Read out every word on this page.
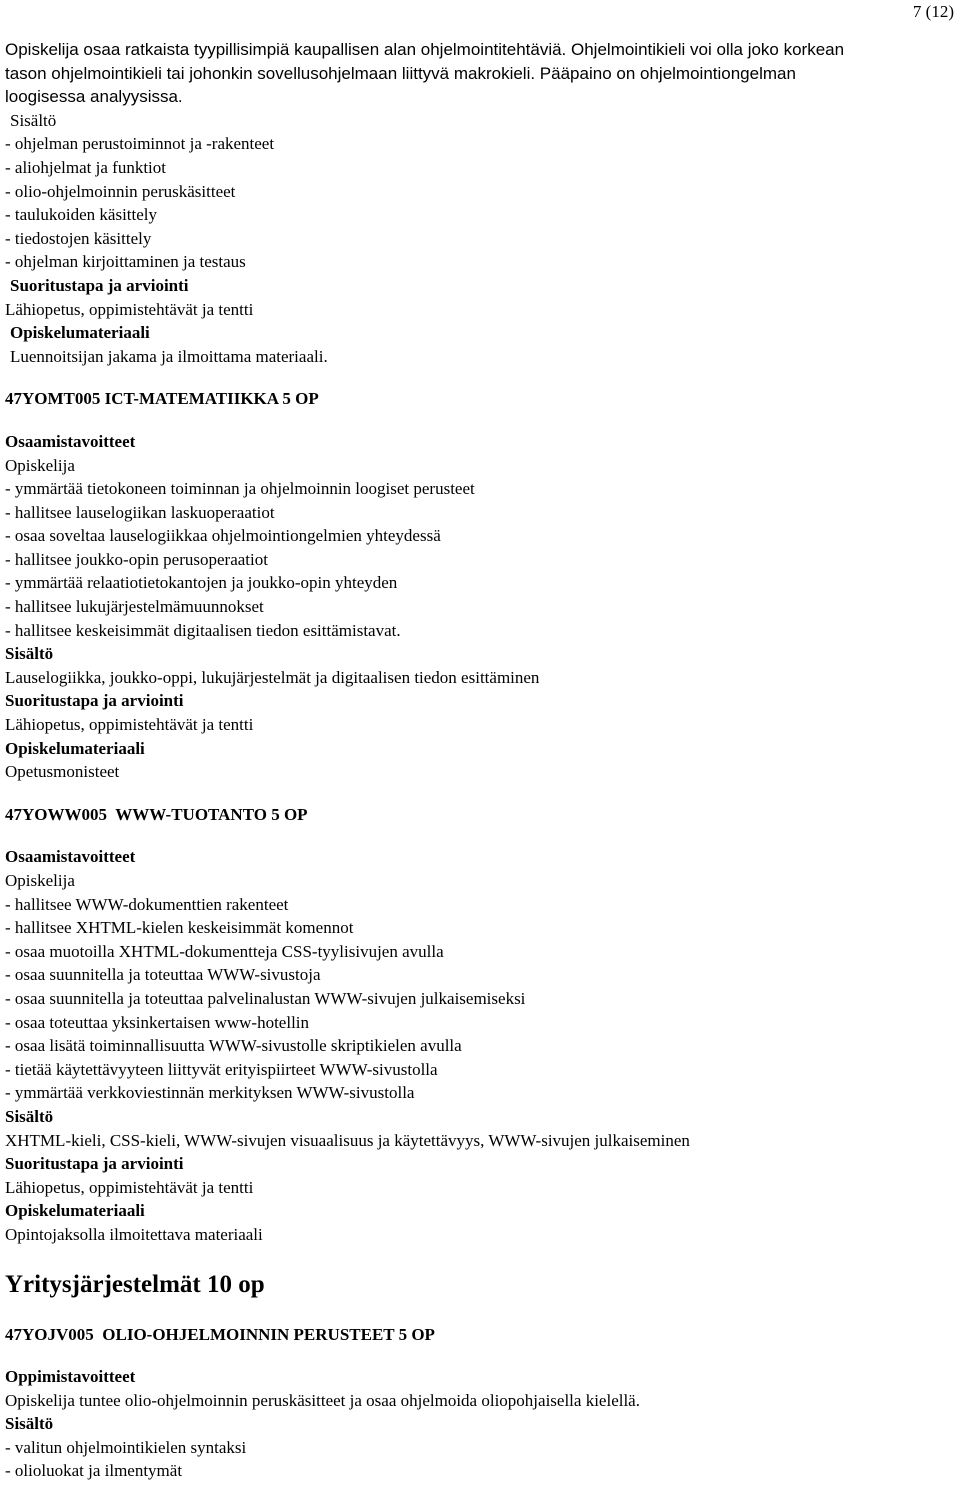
7 (12)
Opiskelija osaa ratkaista tyypillisimpiä kaupallisen alan ohjelmointitehtäviä. Ohjelmointikieli voi olla joko korkean
tason ohjelmointikieli tai johonkin sovellusohjelmaan liittyvä makrokieli. Pääpaino on ohjelmointiongelman
loogisessa analyysissa.
Sisältö
- ohjelman perustoiminnot ja -rakenteet
- aliohjelmat ja funktiot
- olio-ohjelmoinnin peruskäsitteet
- taulukoiden käsittely
- tiedostojen käsittely
- ohjelman kirjoittaminen ja testaus
Suoritustapa ja arviointi
Lähiopetus, oppimistehtävät ja tentti
Opiskelumateriaali
Luennoitsijan jakama ja ilmoittama materiaali.
47YOMT005 ICT-MATEMATIIKKA 5 OP
Osaamistavoitteet
Opiskelija
- ymmärtää tietokoneen toiminnan ja ohjelmoinnin loogiset perusteet
- hallitsee lauselogiikan laskuoperaatiot
- osaa soveltaa lauselogiikkaa ohjelmointiongelmien yhteydessä
- hallitsee joukko-opin perusoperaatiot
- ymmärtää relaatiotietokantojen ja joukko-opin yhteyden
- hallitsee lukujärjestelmämuunnokset
- hallitsee keskeisimmät digitaalisen tiedon esittämistavat.
Sisältö
Lauselogiikka, joukko-oppi, lukujärjestelmät ja digitaalisen tiedon esittäminen
Suoritustapa ja arviointi
Lähiopetus, oppimistehtävät ja tentti
Opiskelumateriaali
Opetusmonisteet
47YOWW005  WWW-TUOTANTO 5 OP
Osaamistavoitteet
Opiskelija
- hallitsee WWW-dokumenttien rakenteet
- hallitsee XHTML-kielen keskeisimmät komennot
- osaa muotoilla XHTML-dokumentteja CSS-tyylisivujen avulla
- osaa suunnitella ja toteuttaa WWW-sivustoja
- osaa suunnitella ja toteuttaa palvelinalustan WWW-sivujen julkaisemiseksi
- osaa toteuttaa yksinkertaisen www-hotellin
- osaa lisätä toiminnallisuutta WWW-sivustolle skriptikielen avulla
- tietää käytettävyyteen liittyvät erityispiirteet WWW-sivustolla
- ymmärtää verkkoviestinnän merkityksen WWW-sivustolla
Sisältö
XHTML-kieli, CSS-kieli, WWW-sivujen visuaalisuus ja käytettävyys, WWW-sivujen julkaiseminen
Suoritustapa ja arviointi
Lähiopetus, oppimistehtävät ja tentti
Opiskelumateriaali
Opintojaksolla ilmoitettava materiaali
Yritysjärjestelmät 10 op
47YOJV005  OLIO-OHJELMOINNIN PERUSTEET 5 OP
Oppimistavoitteet
Opiskelija tuntee olio-ohjelmoinnin peruskäsitteet ja osaa ohjelmoida oliopohjaisella kielellä.
Sisältö
- valitun ohjelmointikielen syntaksi
- olioluokat ja ilmentymät
